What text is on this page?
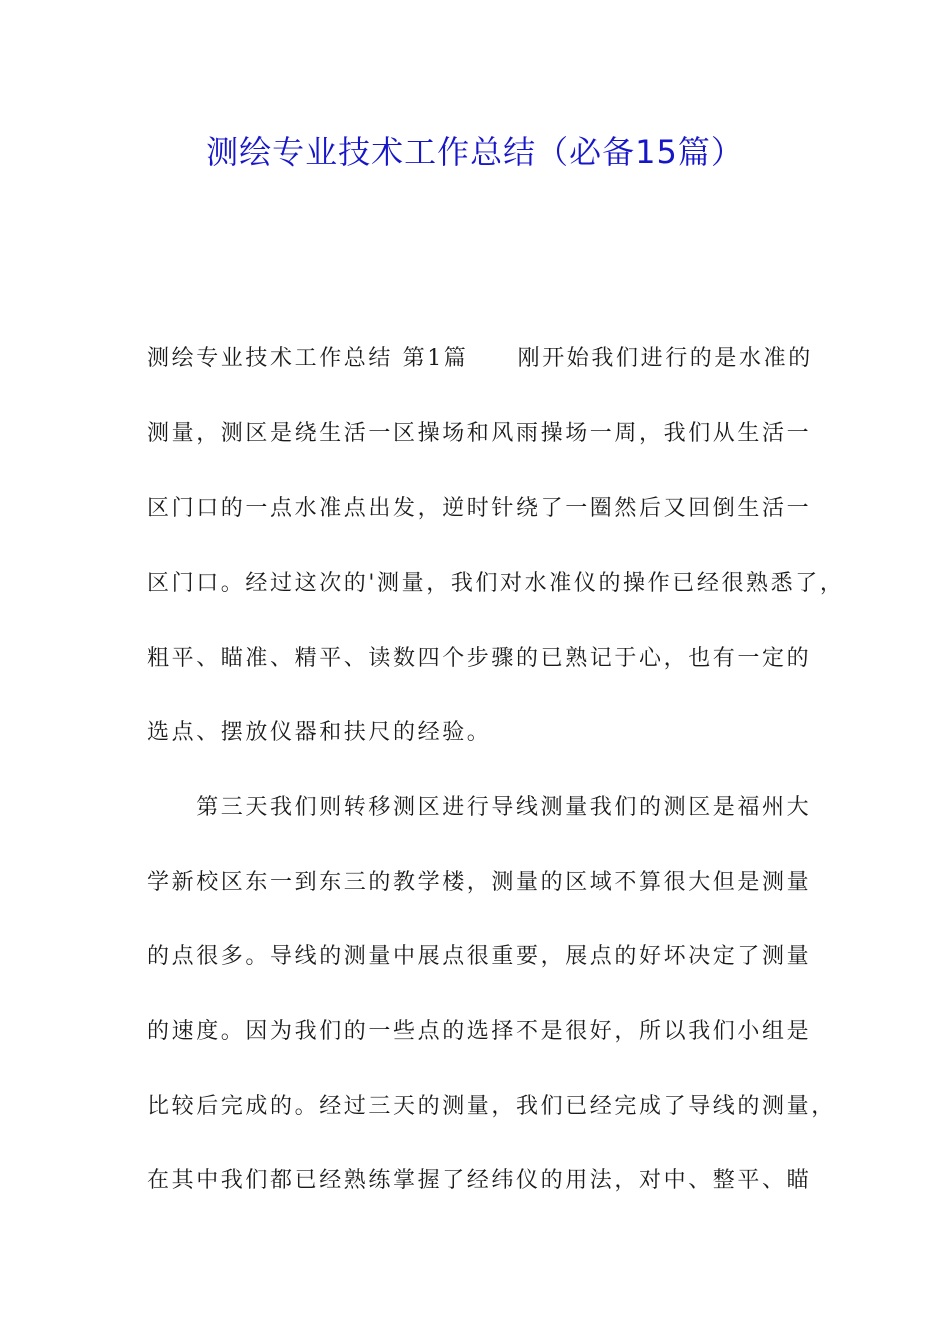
测绘专业技术工作总结（必备15篇）
测绘专业技术工作总结 第1篇　　刚开始我们进行的是水准的
测量，测区是绕生活一区操场和风雨操场一周，我们从生活一
区门口的一点水准点出发，逆时针绕了一圈然后又回倒生活一
区门口。经过这次的'测量，我们对水准仪的操作已经很熟悉了，
粗平、瞄准、精平、读数四个步骤的已熟记于心，也有一定的
选点、摆放仪器和扶尺的经验。
　　第三天我们则转移测区进行导线测量我们的测区是福州大
学新校区东一到东三的教学楼，测量的区域不算很大但是测量
的点很多。导线的测量中展点很重要，展点的好坏决定了测量
的速度。因为我们的一些点的选择不是很好，所以我们小组是
比较后完成的。经过三天的测量，我们已经完成了导线的测量，
在其中我们都已经熟练掌握了经纬仪的用法，对中、整平、瞄
